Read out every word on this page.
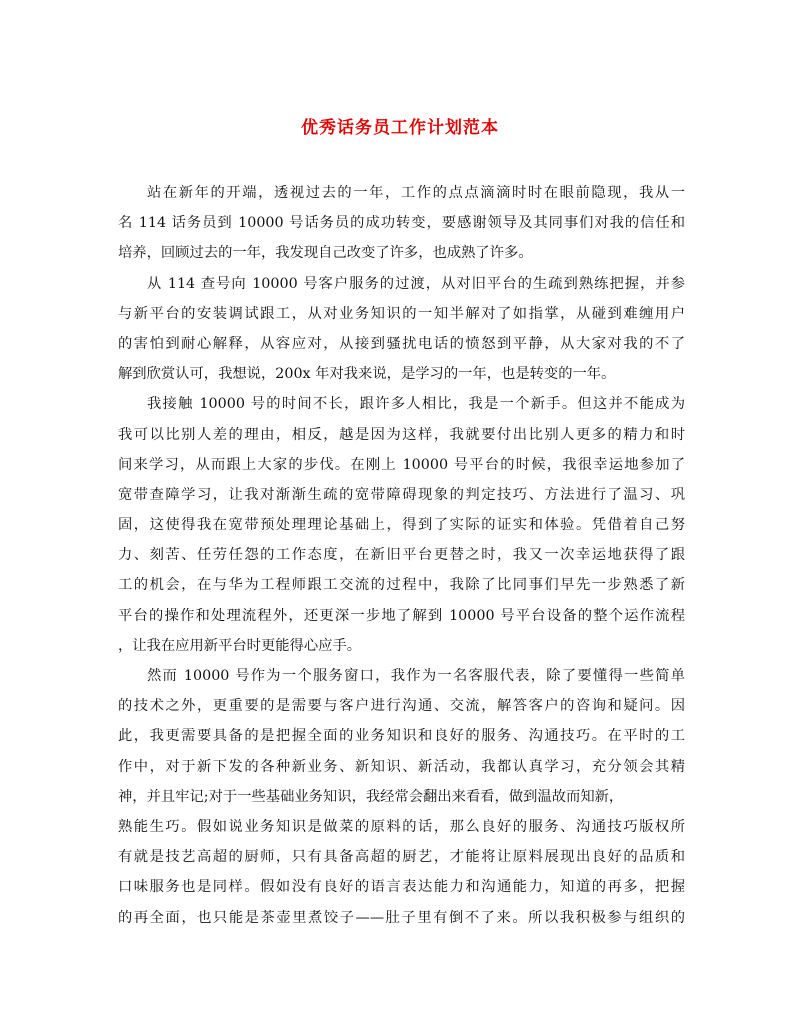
优秀话务员工作计划范本
站在新年的开端，透视过去的一年，工作的点点滴滴时时在眼前隐现，我从一
名 114 话务员到 10000 号话务员的成功转变，要感谢领导及其同事们对我的信任和
培养，回顾过去的一年，我发现自己改变了许多，也成熟了许多。
从 114 查号向 10000 号客户服务的过渡，从对旧平台的生疏到熟练把握，并参
与新平台的安装调试跟工，从对业务知识的一知半解对了如指掌，从碰到难缠用户
的害怕到耐心解释，从容应对，从接到骚扰电话的愤怒到平静，从大家对我的不了
解到欣赏认可，我想说，200x 年对我来说，是学习的一年，也是转变的一年。
我接触 10000 号的时间不长，跟许多人相比，我是一个新手。但这并不能成为
我可以比别人差的理由，相反，越是因为这样，我就要付出比别人更多的精力和时
间来学习，从而跟上大家的步伐。在刚上 10000 号平台的时候，我很幸运地参加了
宽带查障学习，让我对渐渐生疏的宽带障碍现象的判定技巧、方法进行了温习、巩
固，这使得我在宽带预处理理论基础上，得到了实际的证实和体验。凭借着自己努
力、刻苦、任劳任怨的工作态度，在新旧平台更替之时，我又一次幸运地获得了跟
工的机会，在与华为工程师跟工交流的过程中，我除了比同事们早先一步熟悉了新
平台的操作和处理流程外，还更深一步地了解到 10000 号平台设备的整个运作流程
，让我在应用新平台时更能得心应手。
然而 10000 号作为一个服务窗口，我作为一名客服代表，除了要懂得一些简单
的技术之外，更重要的是需要与客户进行沟通、交流，解答客户的咨询和疑问。因
此，我更需要具备的是把握全面的业务知识和良好的服务、沟通技巧。在平时的工
作中，对于新下发的各种新业务、新知识、新活动，我都认真学习，充分领会其精
神，并且牢记;对于一些基础业务知识，我经常会翻出来看看，做到温故而知新，
熟能生巧。假如说业务知识是做菜的原料的话，那么良好的服务、沟通技巧版权所
有就是技艺高超的厨师，只有具备高超的厨艺，才能将让原料展现出良好的品质和
口味服务也是同样。假如没有良好的语言表达能力和沟通能力，知道的再多，把握
的再全面，也只能是茶壶里煮饺子——肚子里有倒不了来。所以我积极参与组织的
